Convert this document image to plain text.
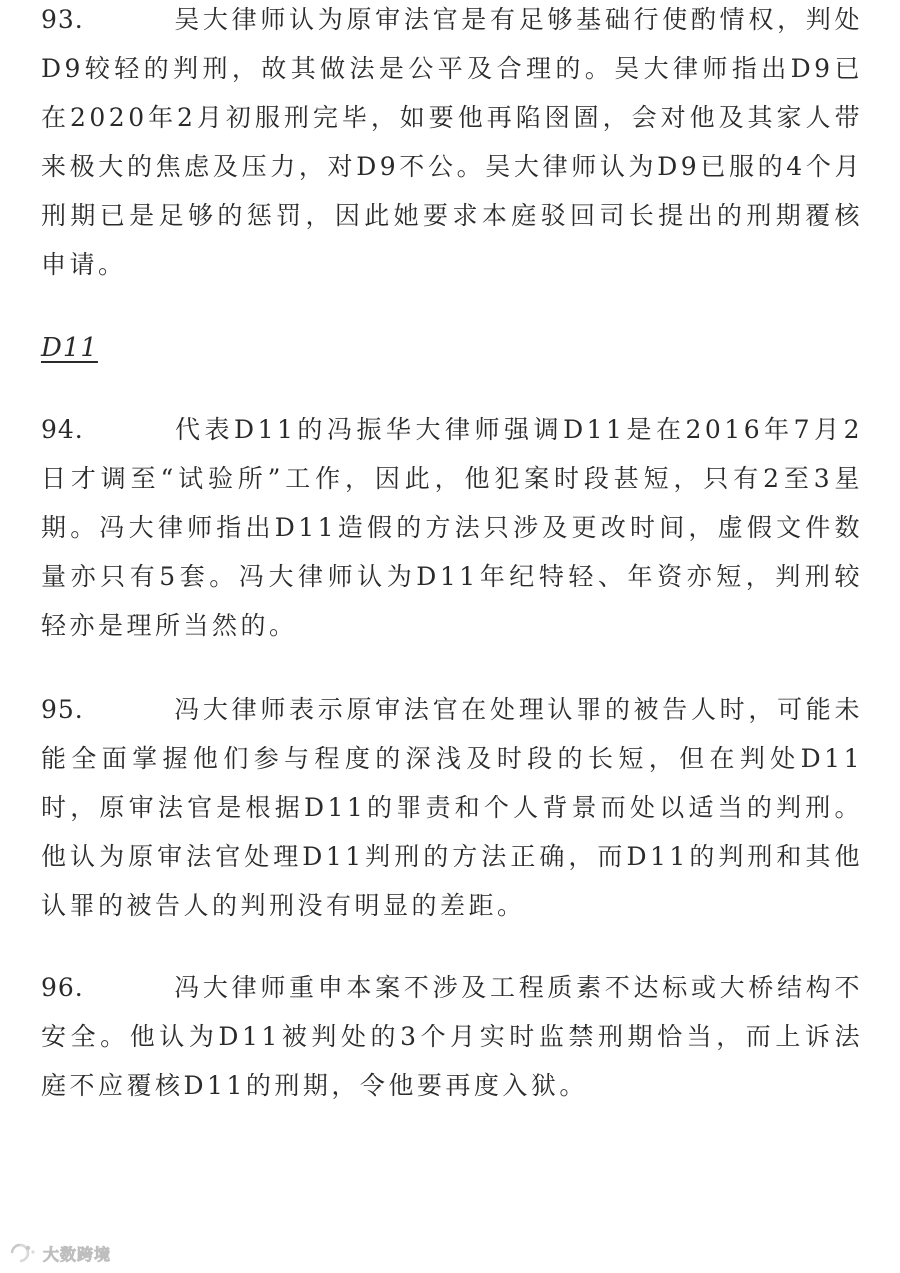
93.	吴大律师认为原审法官是有足够基础行使酌情权，判处D9较轻的判刑，故其做法是公平及合理的。吴大律师指出D9已在2020年2月初服刑完毕，如要他再陷囹圄，会对他及其家人带来极大的焦虑及压力，对D9不公。吴大律师认为D9已服的4个月刑期已是足够的惩罚，因此她要求本庭驳回司长提出的刑期覆核申请。

D11

94.	代表D11的冯振华大律师强调D11是在2016年7月2日才调至“试验所”工作，因此，他犯案时段甚短，只有2至3星期。冯大律师指出D11造假的方法只涉及更改时间，虚假文件数量亦只有5套。冯大律师认为D11年纪特轻、年资亦短，判刑较轻亦是理所当然的。

95.	冯大律师表示原审法官在处理认罪的被告人时，可能未能全面掌握他们参与程度的深浅及时段的长短，但在判处D11时，原审法官是根据D11的罪责和个人背景而处以适当的判刑。他认为原审法官处理D11判刑的方法正确，而D11的判刑和其他认罪的被告人的判刑没有明显的差距。

96.	冯大律师重申本案不涉及工程质素不达标或大桥结构不安全。他认为D11被判处的3个月实时监禁刑期恰当，而上诉法庭不应覆核D11的刑期，令他要再度入狱。

大数跨境
